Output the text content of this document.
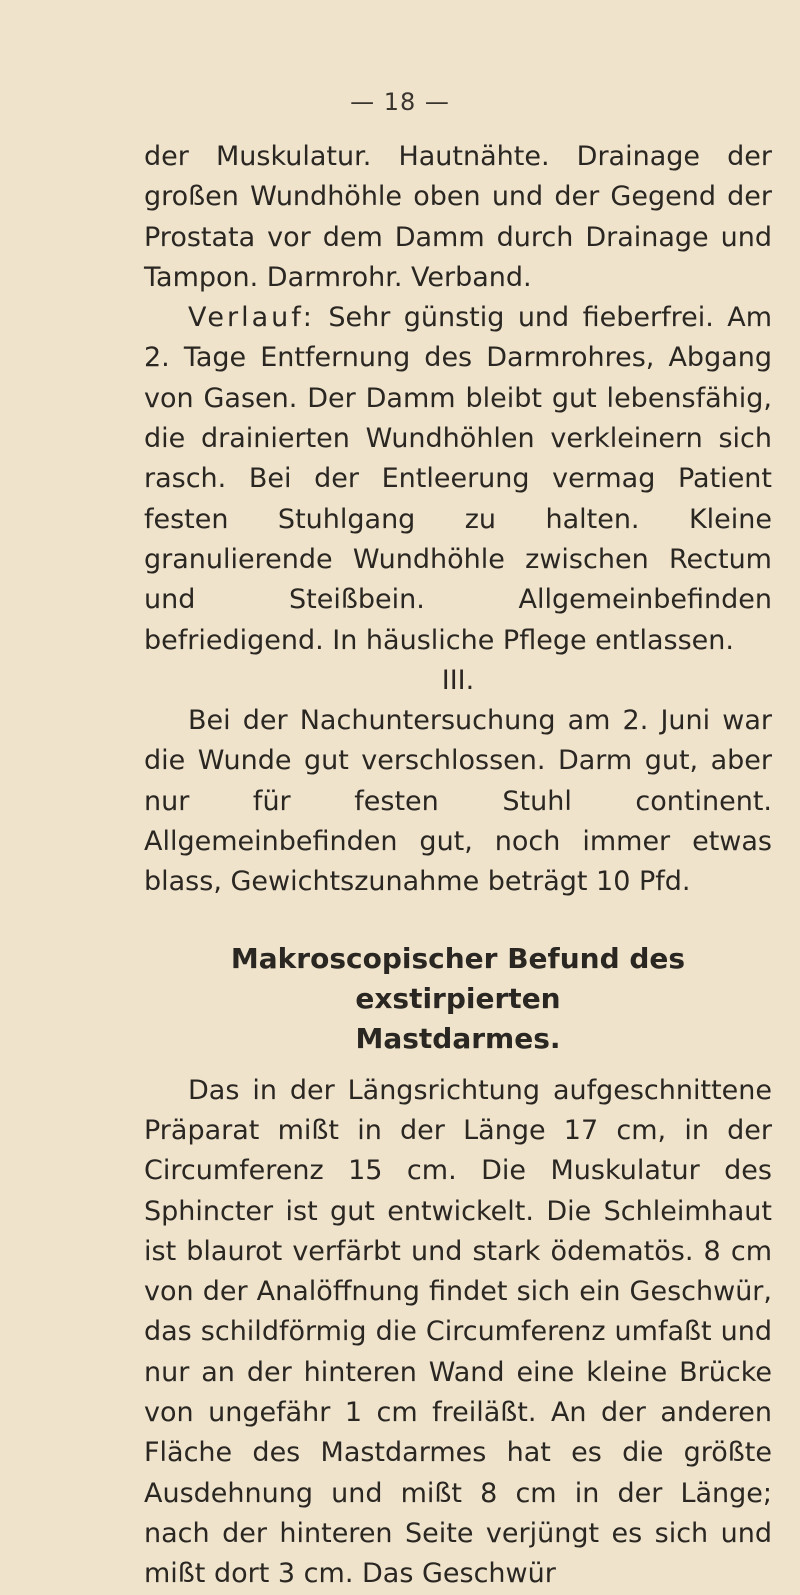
— 18 —

der Muskulatur. Hautnähte. Drainage der großen Wundhöhle oben und der Gegend der Prostata vor dem Damm durch Drainage und Tampon. Darmrohr. Verband.

Verlauf: Sehr günstig und fieberfrei. Am 2. Tage Entfernung des Darmrohres, Abgang von Gasen. Der Damm bleibt gut lebensfähig, die drainierten Wundhöhlen verkleinern sich rasch. Bei der Entleerung vermag Patient festen Stuhlgang zu halten. Kleine granulierende Wundhöhle zwischen Rectum und Steißbein. Allgemeinbefinden befriedigend. In häusliche Pflege entlassen.

III.

Bei der Nachuntersuchung am 2. Juni war die Wunde gut verschlossen. Darm gut, aber nur für festen Stuhl continent. Allgemeinbefinden gut, noch immer etwas blass, Gewichtszunahme beträgt 10 Pfd.

Makroscopischer Befund des exstirpierten
Mastdarmes.

Das in der Längsrichtung aufgeschnittene Präparat mißt in der Länge 17 cm, in der Circumferenz 15 cm. Die Muskulatur des Sphincter ist gut entwickelt. Die Schleimhaut ist blaurot verfärbt und stark ödematös. 8 cm von der Analöffnung findet sich ein Geschwür, das schildförmig die Circumferenz umfaßt und nur an der hinteren Wand eine kleine Brücke von ungefähr 1 cm freiläßt. An der anderen Fläche des Mastdarmes hat es die größte Ausdehnung und mißt 8 cm in der Länge; nach der hinteren Seite verjüngt es sich und mißt dort 3 cm. Das Geschwür
